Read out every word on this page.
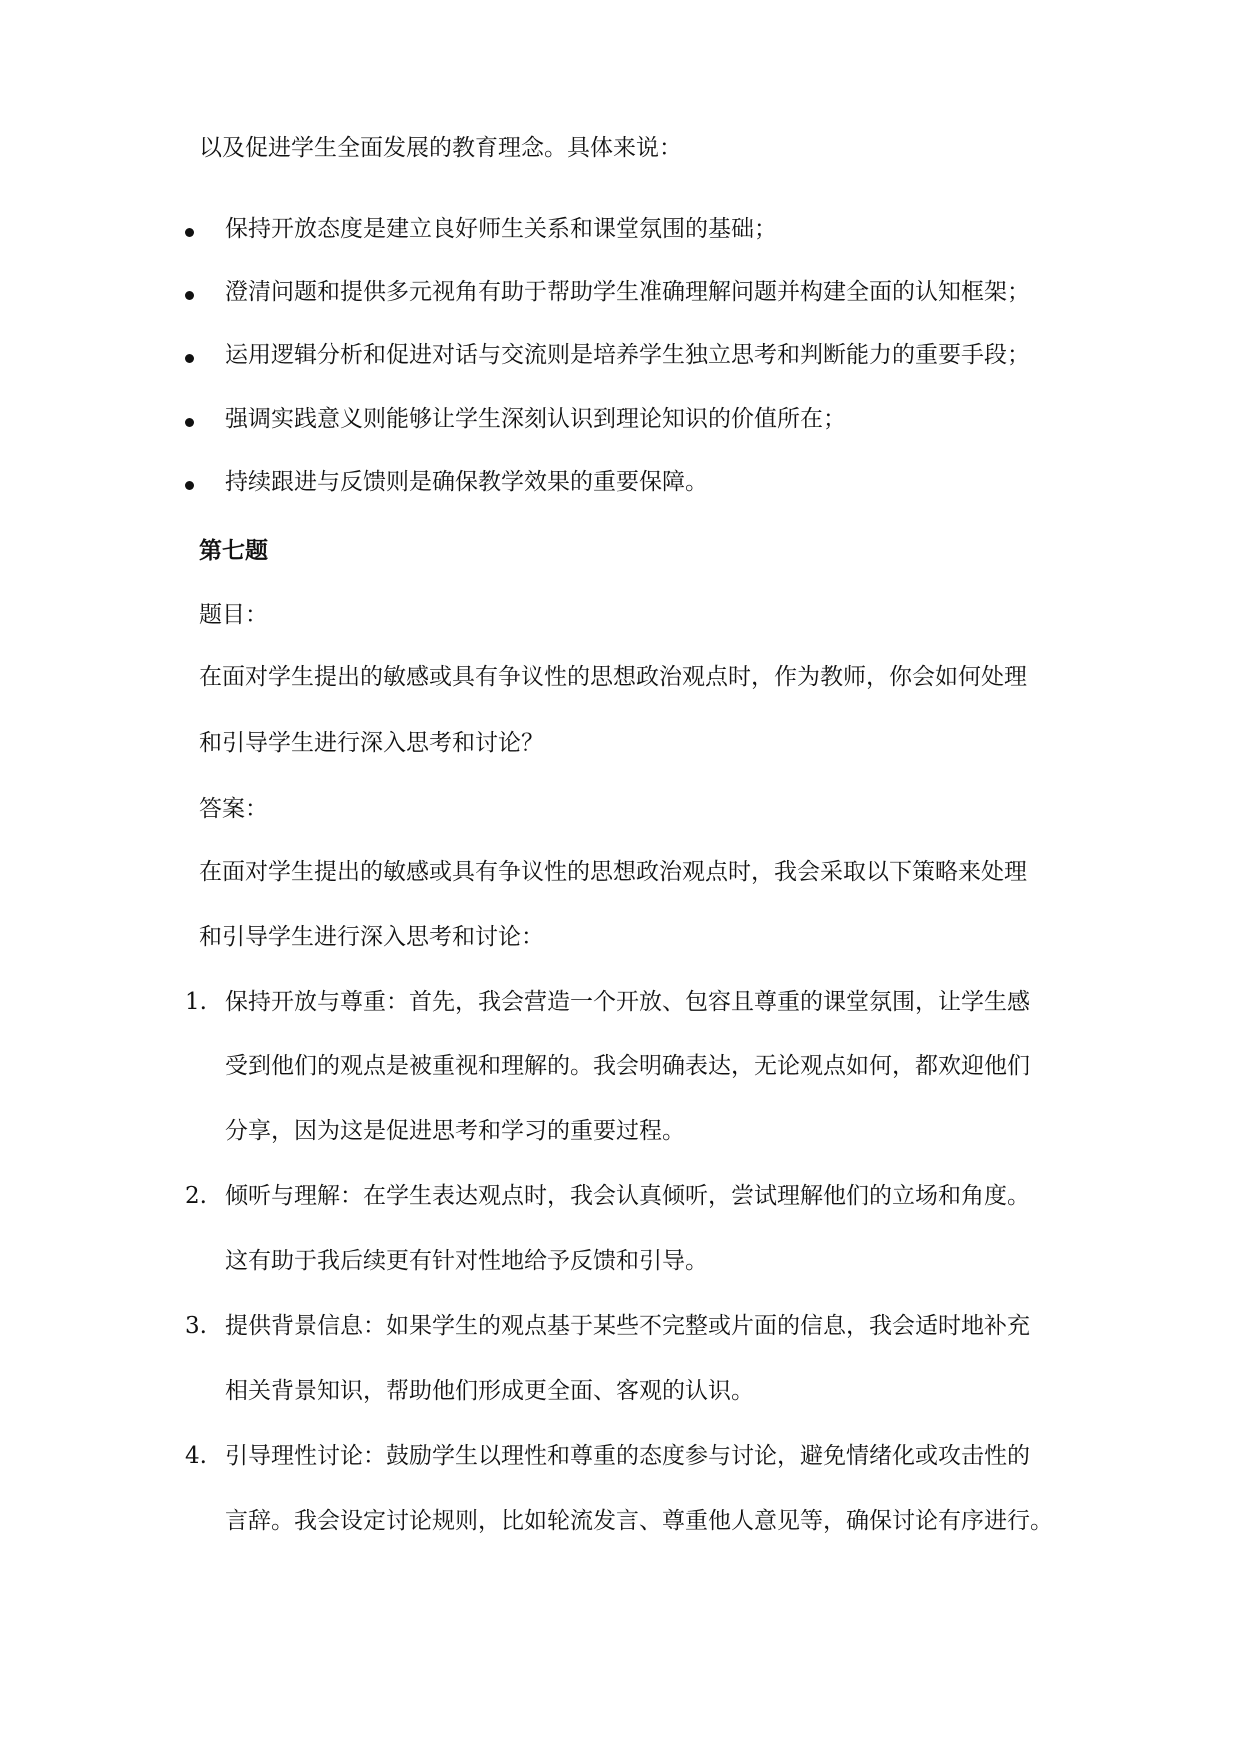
以及促进学生全面发展的教育理念。具体来说：
保持开放态度是建立良好师生关系和课堂氛围的基础；
澄清问题和提供多元视角有助于帮助学生准确理解问题并构建全面的认知框架；
运用逻辑分析和促进对话与交流则是培养学生独立思考和判断能力的重要手段；
强调实践意义则能够让学生深刻认识到理论知识的价值所在；
持续跟进与反馈则是确保教学效果的重要保障。
第七题
题目：
在面对学生提出的敏感或具有争议性的思想政治观点时，作为教师，你会如何处理
和引导学生进行深入思考和讨论？
答案：
在面对学生提出的敏感或具有争议性的思想政治观点时，我会采取以下策略来处理
和引导学生进行深入思考和讨论：
1. 保持开放与尊重：首先，我会营造一个开放、包容且尊重的课堂氛围，让学生感
受到他们的观点是被重视和理解的。我会明确表达，无论观点如何，都欢迎他们
分享，因为这是促进思考和学习的重要过程。
2. 倾听与理解：在学生表达观点时，我会认真倾听，尝试理解他们的立场和角度。
这有助于我后续更有针对性地给予反馈和引导。
3. 提供背景信息：如果学生的观点基于某些不完整或片面的信息，我会适时地补充
相关背景知识，帮助他们形成更全面、客观的认识。
4. 引导理性讨论：鼓励学生以理性和尊重的态度参与讨论，避免情绪化或攻击性的
言辞。我会设定讨论规则，比如轮流发言、尊重他人意见等，确保讨论有序进行。
